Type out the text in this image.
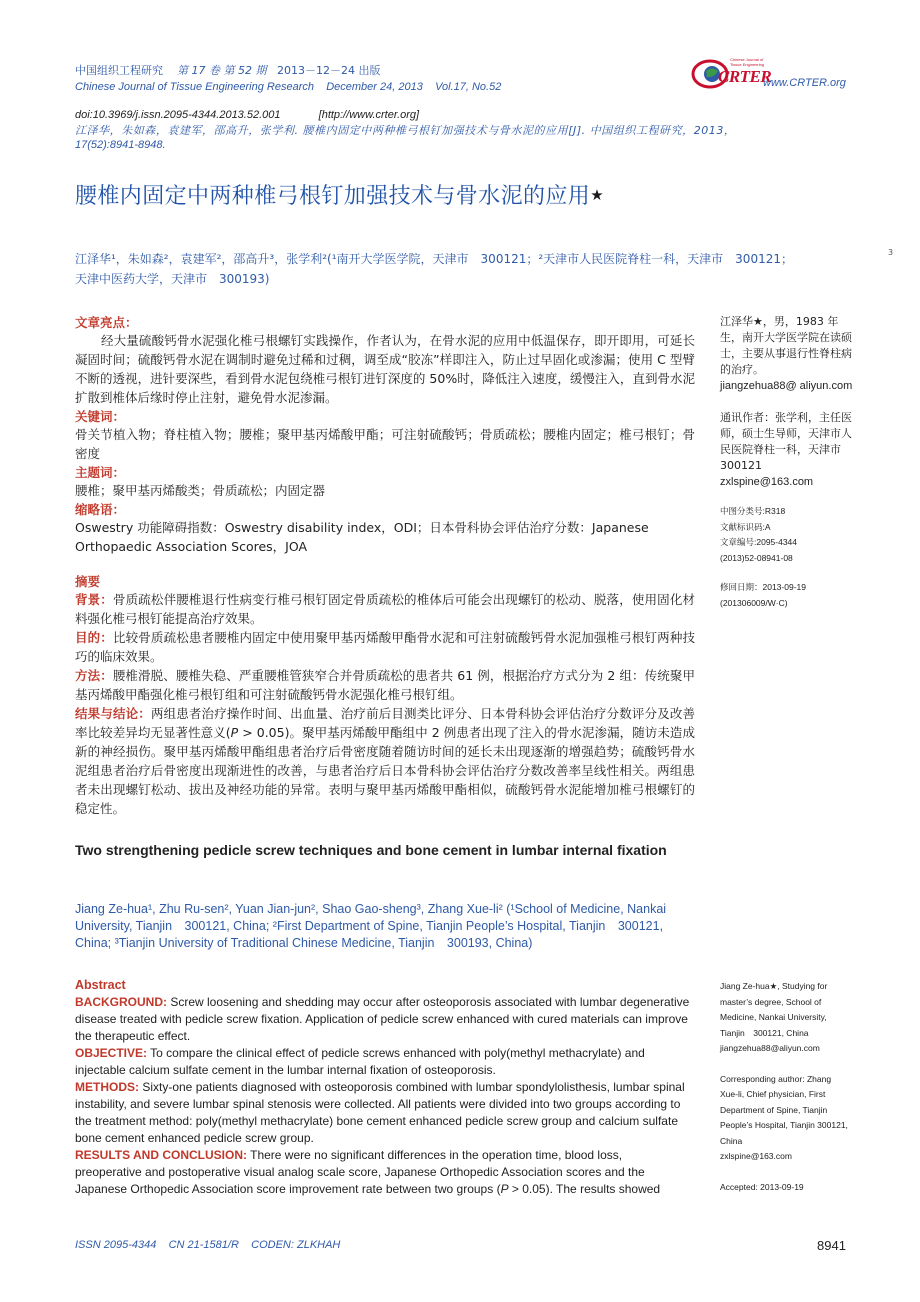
中国组织工程研究 第 17 卷 第 52 期 2013－12－24 出版
Chinese Journal of Tissue Engineering Research December 24, 2013 Vol.17, No.52
CRTER
Chinese Journal of Tissue Engineering
www.CRTER.org
doi:10.3969/j.issn.2095-4344.2013.52.001	[http://www.crter.org]
江泽华，朱如森，袁建军，邵高升，张学利. 腰椎内固定中两种椎弓根钉加强技术与骨水泥的应用[J]. 中国组织工程研究，2013，
17(52):8941-8948.
腰椎内固定中两种椎弓根钉加强技术与骨水泥的应用★
3
江泽华¹，朱如森²，袁建军²，邵高升³，张学利²(¹南开大学医学院，天津市　300121；²天津市人民医院脊柱一科，天津市　300121；
天津中医药大学，天津市　300193)
文章亮点：
经大量硫酸钙骨水泥强化椎弓根螺钉实践操作，作者认为，在骨水泥的应用中低温保存，即开即用，可延长凝固时间；硫酸钙骨水泥在调制时避免过稀和过稠，调至成“胶冻”样即注入，防止过早固化或渗漏；使用 C 型臂不断的透视，进针要深些，看到骨水泥包绕椎弓根钉进钉深度的 50%时，降低注入速度，缓慢注入，直到骨水泥扩散到椎体后缘时停止注射，避免骨水泥渗漏。
关键词：
骨关节植入物；脊柱植入物；腰椎；聚甲基丙烯酸甲酯；可注射硫酸钙；骨质疏松；腰椎内固定；椎弓根钉；骨密度
主题词：
腰椎；聚甲基丙烯酸类；骨质疏松；内固定器
缩略语：
Oswestry 功能障碍指数：Oswestry disability index，ODI；日本骨科协会评估治疗分数：Japanese
Orthopaedic Association Scores，JOA
摘要
背景：骨质疏松伴腰椎退行性病变行椎弓根钉固定骨质疏松的椎体后可能会出现螺钉的松动、脱落，使用固化材料强化椎弓根钉能提高治疗效果。
目的：比较骨质疏松患者腰椎内固定中使用聚甲基丙烯酸甲酯骨水泥和可注射硫酸钙骨水泥加强椎弓根钉两种技巧的临床效果。
方法：腰椎滑脱、腰椎失稳、严重腰椎管狭窄合并骨质疏松的患者共 61 例，根据治疗方式分为 2 组：传统聚甲基丙烯酸甲酯强化椎弓根钉组和可注射硫酸钙骨水泥强化椎弓根钉组。
结果与结论：两组患者治疗操作时间、出血量、治疗前后目测类比评分、日本骨科协会评估治疗分数评分及改善率比较差异均无显著性意义(P > 0.05)。聚甲基丙烯酸甲酯组中 2 例患者出现了注入的骨水泥渗漏，随访未造成新的神经损伤。聚甲基丙烯酸甲酯组患者治疗后骨密度随着随访时间的延长未出现逐渐的增强趋势；硫酸钙骨水泥组患者治疗后骨密度出现渐进性的改善，与患者治疗后日本骨科协会评估治疗分数改善率呈线性相关。两组患者未出现螺钉松动、拔出及神经功能的异常。表明与聚甲基丙烯酸甲酯相似，硫酸钙骨水泥能增加椎弓根螺钉的稳定性。
江泽华★，男，1983 年生，南开大学医学院在读硕士，主要从事退行性脊柱病的治疗。
jiangzehua88@ aliyun.com
通讯作者：张学利，主任医师，硕士生导师，天津市人民医院脊柱一科，天津市　300121
zxlspine@163.com
中图分类号:R318
文献标识码:A
文章编号:2095-4344
(2013)52-08941-08
修回日期：2013-09-19
(201306009/W·C)
Two strengthening pedicle screw techniques and bone cement in lumbar internal fixation
Jiang Ze-hua¹, Zhu Ru-sen², Yuan Jian-jun², Shao Gao-sheng³, Zhang Xue-li² (¹School of Medicine, Nankai
University, Tianjin　300121, China; ²First Department of Spine, Tianjin People’s Hospital, Tianjin　300121,
China; ³Tianjin University of Traditional Chinese Medicine, Tianjin　300193, China)
Abstract
BACKGROUND: Screw loosening and shedding may occur after osteoporosis associated with lumbar degenerative disease treated with pedicle screw fixation. Application of pedicle screw enhanced with cured materials can improve the therapeutic effect.
OBJECTIVE: To compare the clinical effect of pedicle screws enhanced with poly(methyl methacrylate) and injectable calcium sulfate cement in the lumbar internal fixation of osteoporosis.
METHODS: Sixty-one patients diagnosed with osteoporosis combined with lumbar spondylolisthesis, lumbar spinal instability, and severe lumbar spinal stenosis were collected. All patients were divided into two groups according to the treatment method: poly(methyl methacrylate) bone cement enhanced pedicle screw group and calcium sulfate bone cement enhanced pedicle screw group.
RESULTS AND CONCLUSION: There were no significant differences in the operation time, blood loss, preoperative and postoperative visual analog scale score, Japanese Orthopedic Association scores and the Japanese Orthopedic Association score improvement rate between two groups (P > 0.05). The results showed
Jiang Ze-hua★, Studying for master’s degree, School of Medicine, Nankai University, Tianjin　300121, China
jiangzehua88@aliyun.com
Corresponding author: Zhang Xue-li, Chief physician, First Department of Spine, Tianjin People’s Hospital, Tianjin 300121, China
zxlspine@163.com
Accepted: 2013-09-19
ISSN 2095-4344 CN 21-1581/R CODEN: ZLKHAH	8941
